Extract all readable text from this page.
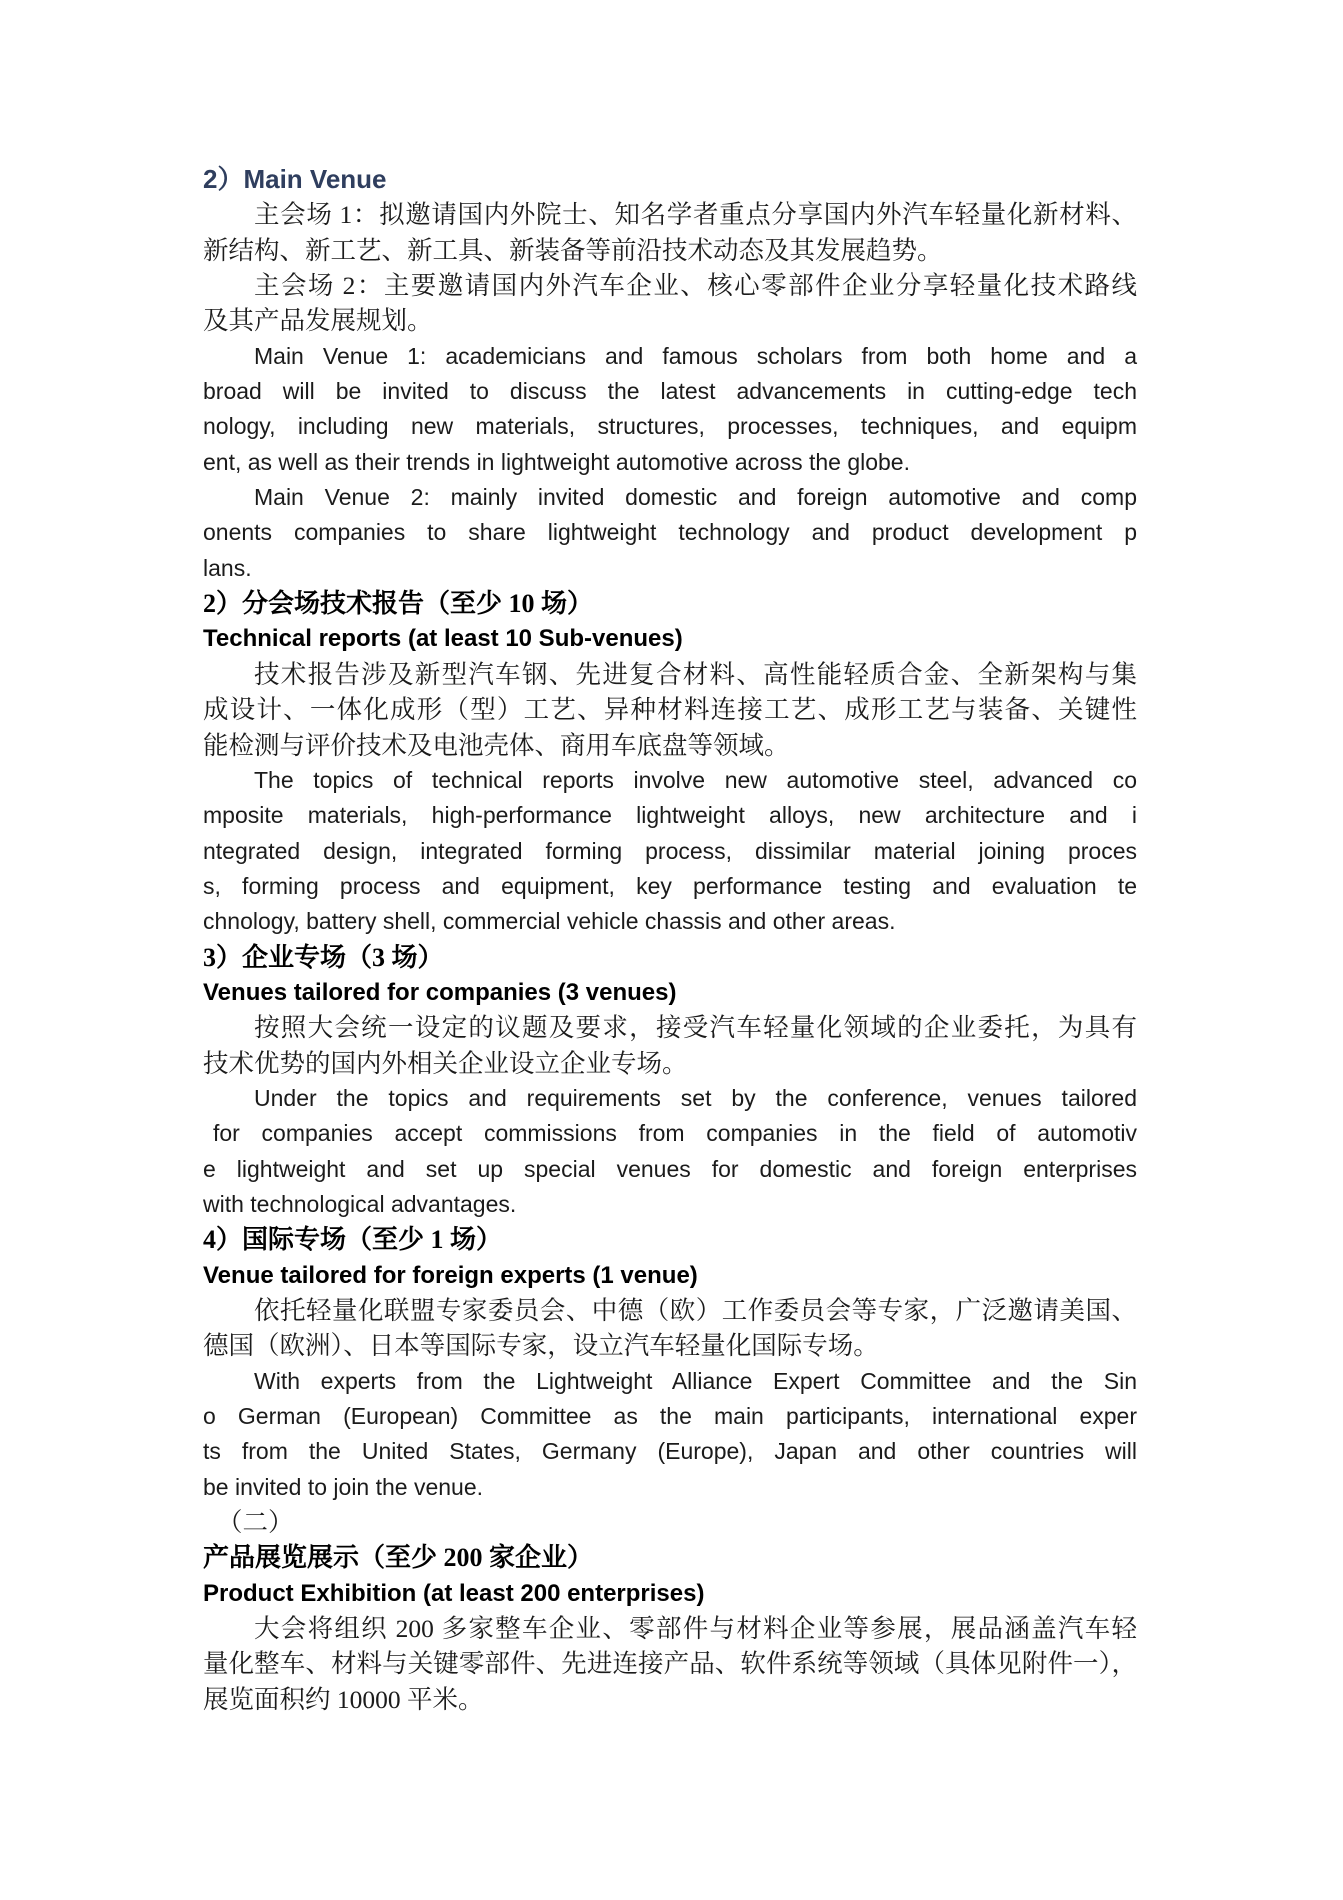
2）Main Venue
主会场 1：拟邀请国内外院士、知名学者重点分享国内外汽车轻量化新材料、
新结构、新工艺、新工具、新装备等前沿技术动态及其发展趋势。
主会场 2：主要邀请国内外汽车企业、核心零部件企业分享轻量化技术路线
及其产品发展规划。
Main Venue 1: academicians and famous scholars from both home and a
broad will be invited to discuss the latest advancements in cutting-edge tech
nology, including new materials, structures, processes, techniques, and equipm
ent, as well as their trends in lightweight automotive across the globe.
Main Venue 2: mainly invited domestic and foreign automotive and comp
onents companies to share lightweight technology and product development p
lans.
2）分会场技术报告（至少 10 场）
Technical reports (at least 10 Sub-venues)
技术报告涉及新型汽车钢、先进复合材料、高性能轻质合金、全新架构与集
成设计、一体化成形（型）工艺、异种材料连接工艺、成形工艺与装备、关键性
能检测与评价技术及电池壳体、商用车底盘等领域。
The topics of technical reports involve new automotive steel, advanced co
mposite materials, high-performance lightweight alloys, new architecture and i
ntegrated design, integrated forming process, dissimilar material joining proces
s, forming process and equipment, key performance testing and evaluation te
chnology, battery shell, commercial vehicle chassis and other areas.
3）企业专场（3 场）
Venues tailored for companies (3 venues)
按照大会统一设定的议题及要求，接受汽车轻量化领域的企业委托，为具有
技术优势的国内外相关企业设立企业专场。
Under the topics and requirements set by the conference, venues tailored
for companies accept commissions from companies in the field of automotiv
e lightweight and set up special venues for domestic and foreign enterprises
with technological advantages.
4）国际专场（至少 1 场）
Venue tailored for foreign experts (1 venue)
依托轻量化联盟专家委员会、中德（欧）工作委员会等专家，广泛邀请美国、
德国（欧洲）、日本等国际专家，设立汽车轻量化国际专场。
With experts from the Lightweight Alliance Expert Committee and the Sin
o German (European) Committee as the main participants, international exper
ts from the United States, Germany (Europe), Japan and other countries will
be invited to join the venue.
（二）
产品展览展示（至少 200 家企业）
Product Exhibition (at least 200 enterprises)
大会将组织 200 多家整车企业、零部件与材料企业等参展，展品涵盖汽车轻
量化整车、材料与关键零部件、先进连接产品、软件系统等领域（具体见附件一），
展览面积约 10000 平米。
